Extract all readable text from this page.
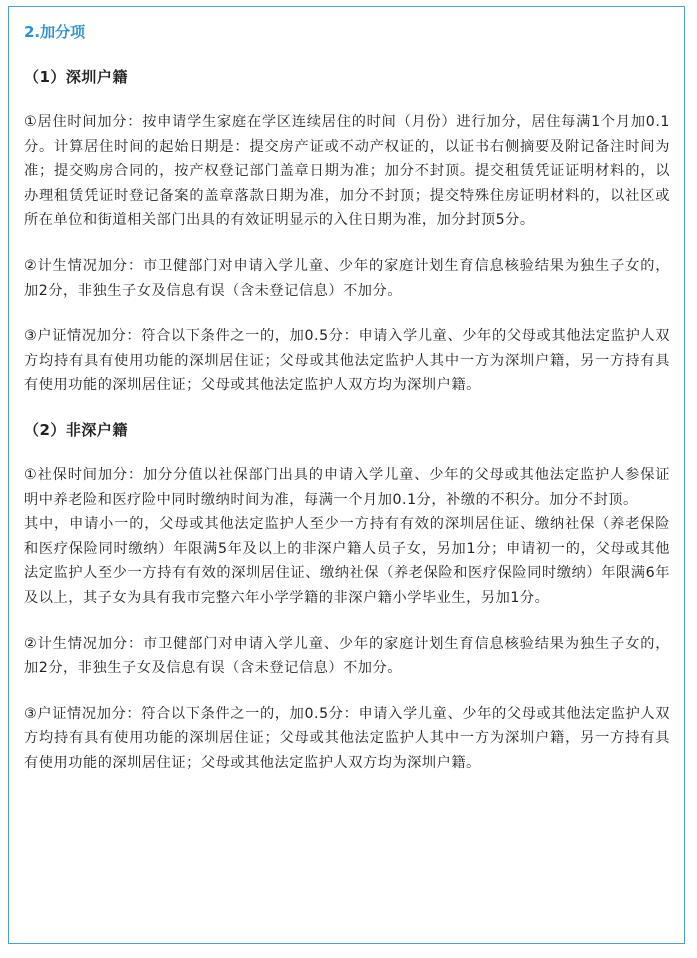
2.加分项
（1）深圳户籍
①居住时间加分：按申请学生家庭在学区连续居住的时间（月份）进行加分，居住每满1个月加0.1分。计算居住时间的起始日期是：提交房产证或不动产权证的，以证书右侧摘要及附记备注时间为准；提交购房合同的，按产权登记部门盖章日期为准；加分不封顶。提交租赁凭证证明材料的，以办理租赁凭证时登记备案的盖章落款日期为准，加分不封顶；提交特殊住房证明材料的，以社区或所在单位和街道相关部门出具的有效证明显示的入住日期为准，加分封顶5分。
②计生情况加分：市卫健部门对申请入学儿童、少年的家庭计划生育信息核验结果为独生子女的，加2分，非独生子女及信息有误（含未登记信息）不加分。
③户证情况加分：符合以下条件之一的，加0.5分：申请入学儿童、少年的父母或其他法定监护人双方均持有具有使用功能的深圳居住证；父母或其他法定监护人其中一方为深圳户籍，另一方持有具有使用功能的深圳居住证；父母或其他法定监护人双方均为深圳户籍。
（2）非深户籍
①社保时间加分：加分分值以社保部门出具的申请入学儿童、少年的父母或其他法定监护人参保证明中养老险和医疗险中同时缴纳时间为准，每满一个月加0.1分，补缴的不积分。加分不封顶。
其中，申请小一的，父母或其他法定监护人至少一方持有有效的深圳居住证、缴纳社保（养老保险和医疗保险同时缴纳）年限满5年及以上的非深户籍人员子女，另加1分；申请初一的，父母或其他法定监护人至少一方持有有效的深圳居住证、缴纳社保（养老保险和医疗保险同时缴纳）年限满6年及以上，其子女为具有我市完整六年小学学籍的非深户籍小学毕业生，另加1分。
②计生情况加分：市卫健部门对申请入学儿童、少年的家庭计划生育信息核验结果为独生子女的，加2分，非独生子女及信息有误（含未登记信息）不加分。
③户证情况加分：符合以下条件之一的，加0.5分：申请入学儿童、少年的父母或其他法定监护人双方均持有具有使用功能的深圳居住证；父母或其他法定监护人其中一方为深圳户籍，另一方持有具有使用功能的深圳居住证；父母或其他法定监护人双方均为深圳户籍。
